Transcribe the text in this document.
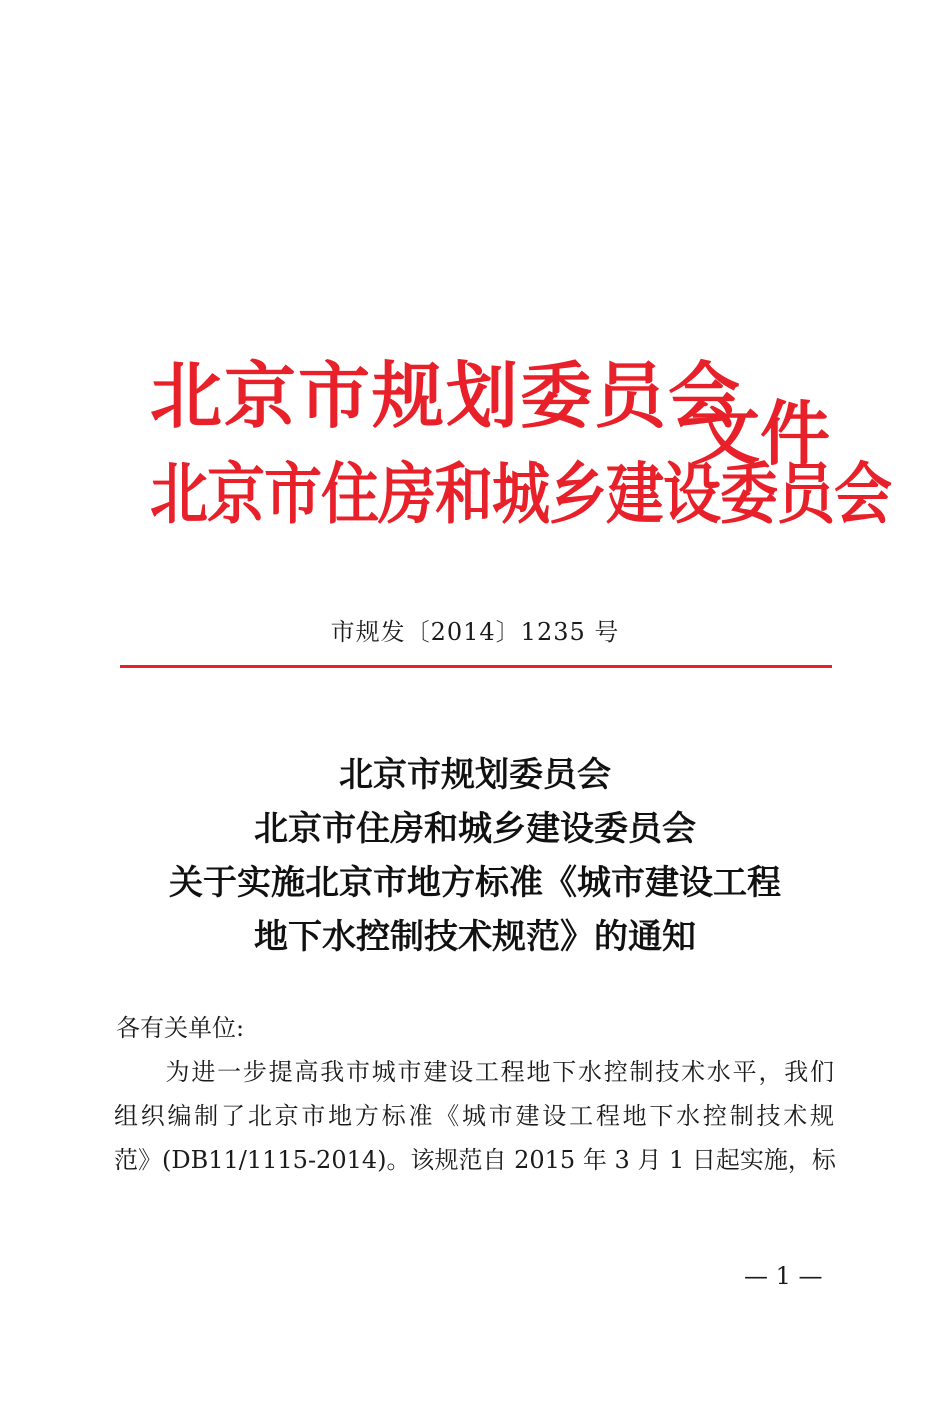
北京市规划委员会
北京市住房和城乡建设委员会
文件
市规发〔2014〕1235 号
北京市规划委员会
北京市住房和城乡建设委员会
关于实施北京市地方标准《城市建设工程
地下水控制技术规范》的通知
各有关单位:
　　为进一步提高我市城市建设工程地下水控制技术水平，我们
组织编制了北京市地方标准《城市建设工程地下水控制技术规
范》(DB11/1115-2014)。该规范自 2015 年 3 月 1 日起实施，标
— 1 —
